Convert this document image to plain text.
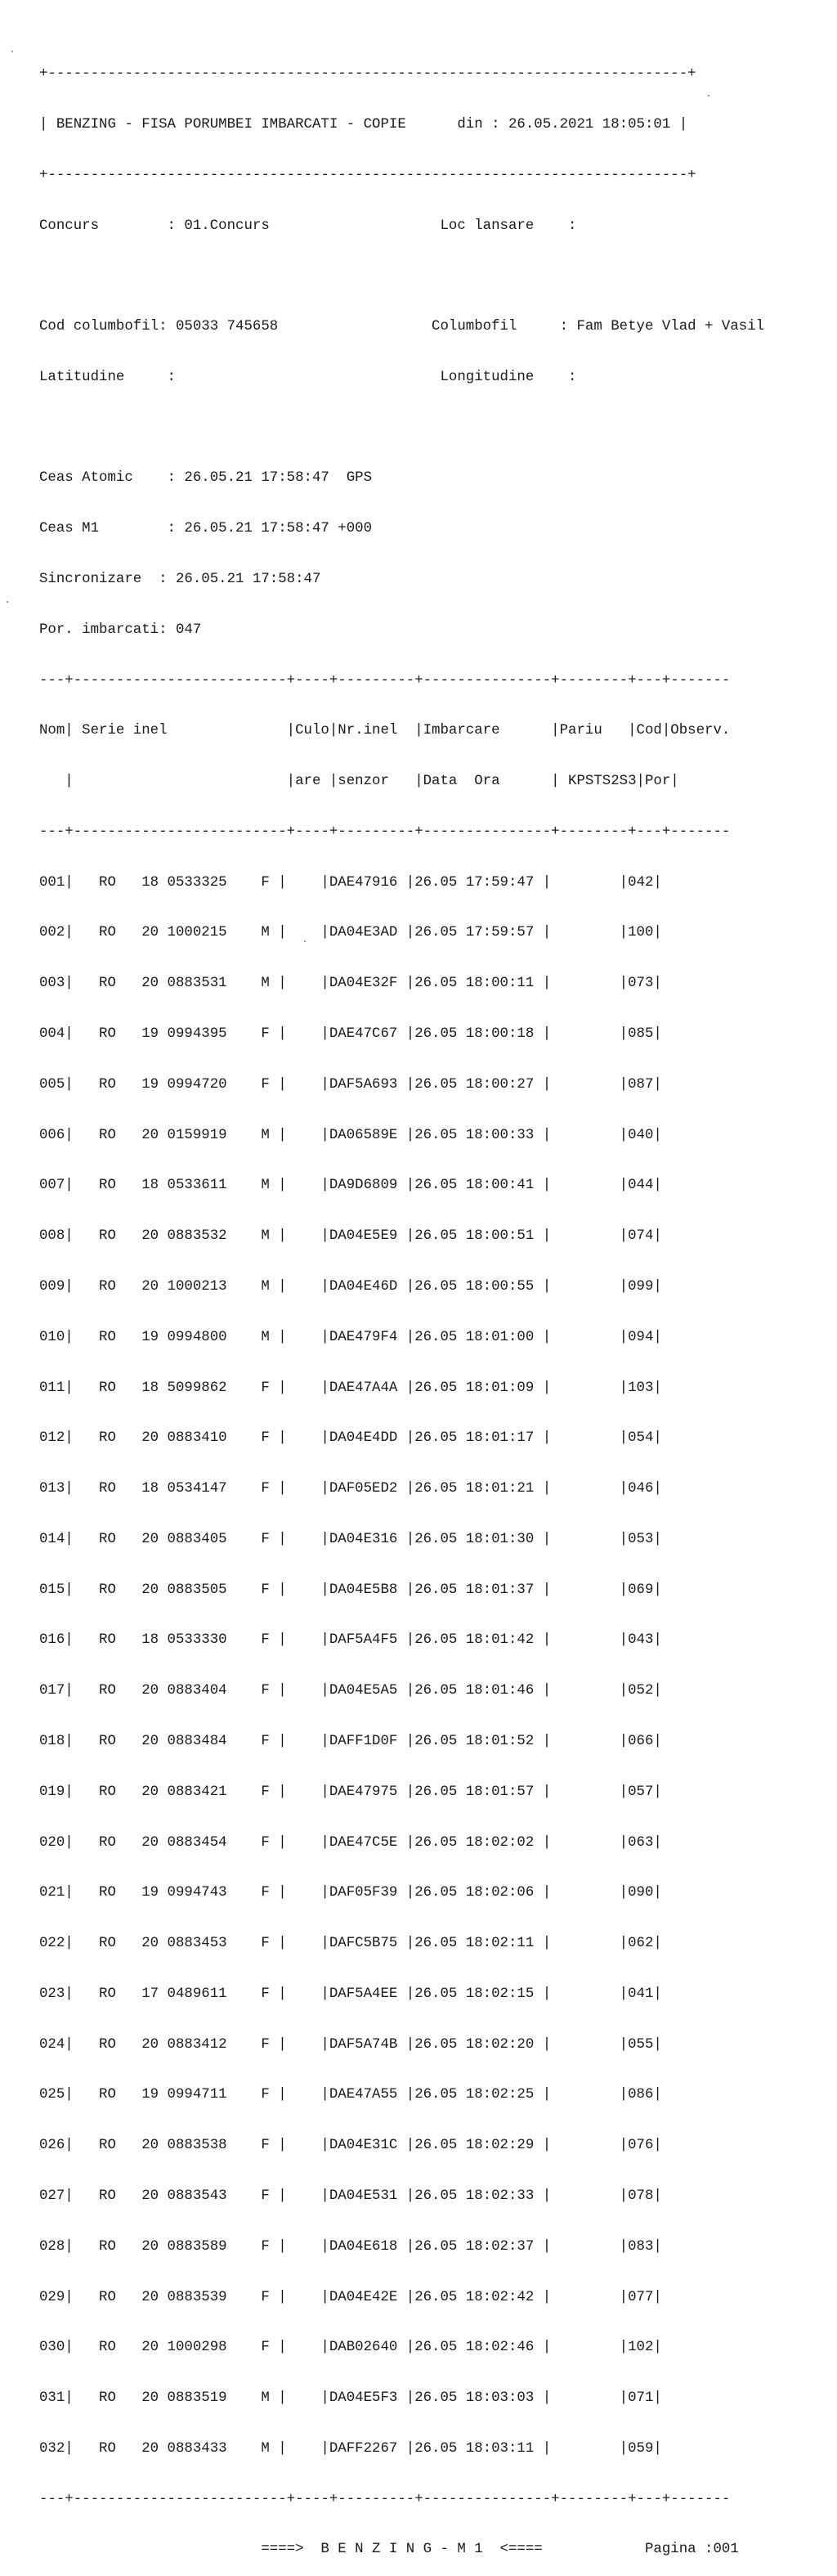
+---------------------------------------------------------------------------+

| BENZING - FISA PORUMBEI IMBARCATI - COPIE      din : 26.05.2021 18:05:01 |

+---------------------------------------------------------------------------+

Concurs        : 01.Concurs                    Loc lansare    :

Cod columbofil: 05033 745658                  Columbofil     : Fam Betye Vlad + Vasil

Latitudine     :                               Longitudine    :

Ceas Atomic    : 26.05.21 17:58:47  GPS

Ceas M1        : 26.05.21 17:58:47 +000

Sincronizare  : 26.05.21 17:58:47

Por. imbarcati: 047

---+-------------------------+----+---------+---------------+--------+---+-------

Nom| Serie inel              |Culo|Nr.inel  |Imbarcare      |Pariu   |Cod|Observ.

|                         |are |senzor   |Data  Ora      | KPSTS2S3|Por|

---+-------------------------+----+---------+---------------+--------+---+-------

001|   RO   18 0533325    F |    |DAE47916 |26.05 17:59:47 |        |042|

002|   RO   20 1000215    M |    |DA04E3AD |26.05 17:59:57 |        |100|

003|   RO   20 0883531    M |    |DA04E32F |26.05 18:00:11 |        |073|

004|   RO   19 0994395    F |    |DAE47C67 |26.05 18:00:18 |        |085|

005|   RO   19 0994720    F |    |DAF5A693 |26.05 18:00:27 |        |087|

006|   RO   20 0159919    M |    |DA06589E |26.05 18:00:33 |        |040|

007|   RO   18 0533611    M |    |DA9D6809 |26.05 18:00:41 |        |044|

008|   RO   20 0883532    M |    |DA04E5E9 |26.05 18:00:51 |        |074|

009|   RO   20 1000213    M |    |DA04E46D |26.05 18:00:55 |        |099|

010|   RO   19 0994800    M |    |DAE479F4 |26.05 18:01:00 |        |094|

011|   RO   18 5099862    F |    |DAE47A4A |26.05 18:01:09 |        |103|

012|   RO   20 0883410    F |    |DA04E4DD |26.05 18:01:17 |        |054|

013|   RO   18 0534147    F |    |DAF05ED2 |26.05 18:01:21 |        |046|

014|   RO   20 0883405    F |    |DA04E316 |26.05 18:01:30 |        |053|

015|   RO   20 0883505    F |    |DA04E5B8 |26.05 18:01:37 |        |069|

016|   RO   18 0533330    F |    |DAF5A4F5 |26.05 18:01:42 |        |043|

017|   RO   20 0883404    F |    |DA04E5A5 |26.05 18:01:46 |        |052|

018|   RO   20 0883484    F |    |DAFF1D0F |26.05 18:01:52 |        |066|

019|   RO   20 0883421    F |    |DAE47975 |26.05 18:01:57 |        |057|

020|   RO   20 0883454    F |    |DAE47C5E |26.05 18:02:02 |        |063|

021|   RO   19 0994743    F |    |DAF05F39 |26.05 18:02:06 |        |090|

022|   RO   20 0883453    F |    |DAFC5B75 |26.05 18:02:11 |        |062|

023|   RO   17 0489611    F |    |DAF5A4EE |26.05 18:02:15 |        |041|

024|   RO   20 0883412    F |    |DAF5A74B |26.05 18:02:20 |        |055|

025|   RO   19 0994711    F |    |DAE47A55 |26.05 18:02:25 |        |086|

026|   RO   20 0883538    F |    |DA04E31C |26.05 18:02:29 |        |076|

027|   RO   20 0883543    F |    |DA04E531 |26.05 18:02:33 |        |078|

028|   RO   20 0883589    F |    |DA04E618 |26.05 18:02:37 |        |083|

029|   RO   20 0883539    F |    |DA04E42E |26.05 18:02:42 |        |077|

030|   RO   20 1000298    F |    |DAB02640 |26.05 18:02:46 |        |102|

031|   RO   20 0883519    M |    |DA04E5F3 |26.05 18:03:03 |        |071|

032|   RO   20 0883433    M |    |DAFF2267 |26.05 18:03:11 |        |059|

---+-------------------------+----+---------+---------------+--------+---+-------

====>  B E N Z I N G - M 1  <====            Pagina :001
